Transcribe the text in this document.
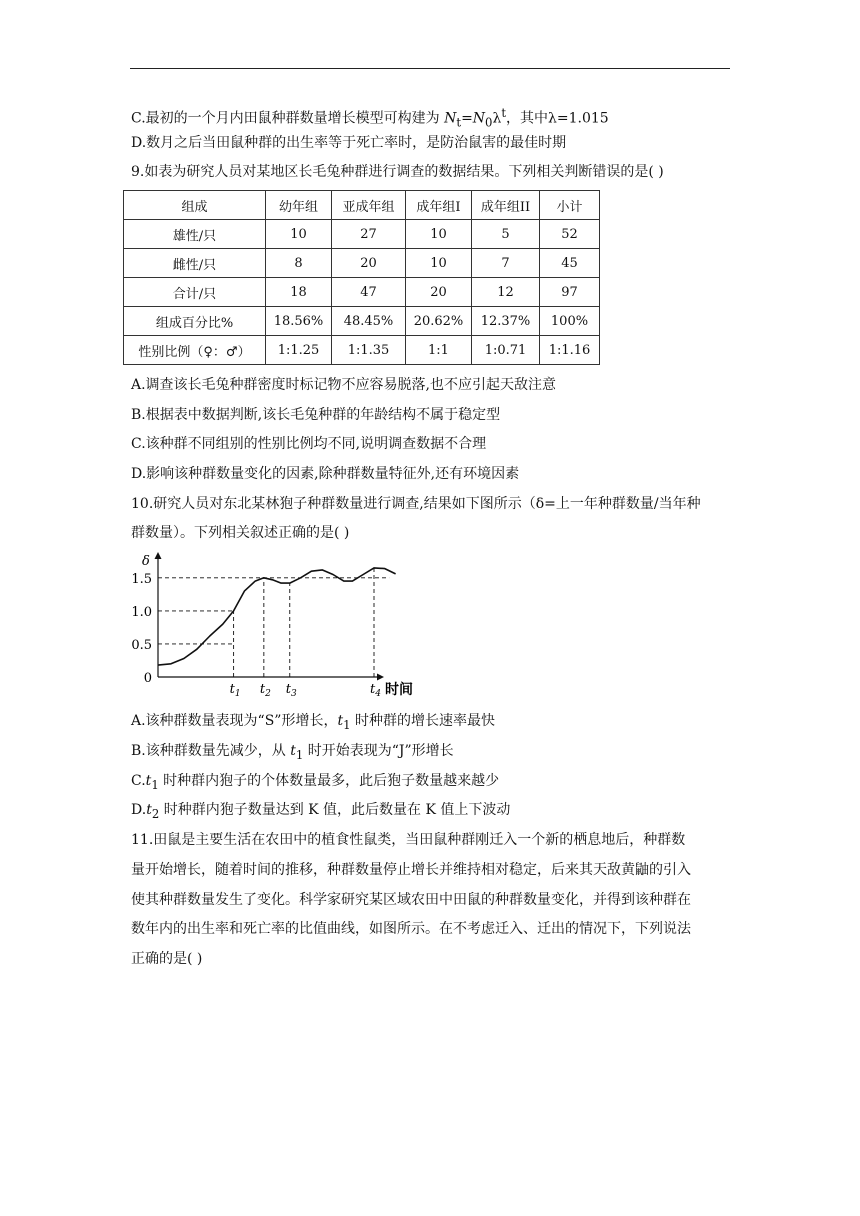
C.最初的一个月内田鼠种群数量增长模型可构建为 $N_t=N_0\lambda^t$，其中λ=1.015
D.数月之后当田鼠种群的出生率等于死亡率时，是防治鼠害的最佳时期
9.如表为研究人员对某地区长毛兔种群进行调查的数据结果。下列相关判断错误的是( )
组成	幼年组	亚成年组	成年组I	成年组II	小计
雄性/只	10	27	10	5	52
雌性/只	8	20	10	7	45
合计/只	18	47	20	12	97
组成百分比%	18.56%	48.45%	20.62%	12.37%	100%
性别比例（♀：♂）	1:1.25	1:1.35	1:1	1:0.71	1:1.16
A.调查该长毛兔种群密度时标记物不应容易脱落,也不应引起天敌注意
B.根据表中数据判断,该长毛兔种群的年龄结构不属于稳定型
C.该种群不同组别的性别比例均不同,说明调查数据不合理
D.影响该种群数量变化的因素,除种群数量特征外,还有环境因素
10.研究人员对东北某林狍子种群数量进行调查,结果如下图所示（δ=上一年种群数量/当年种
群数量）。下列相关叙述正确的是( )
δ
0
0.5
1.0
1.5
$t_1$ $t_2$ $t_3$	$t_4$ 时间
A.该种群数量表现为“S”形增长，$t_1$ 时种群的增长速率最快
B.该种群数量先减少，从 $t_1$ 时开始表现为“J”形增长
$C.t_1$ 时种群内狍子的个体数量最多，此后狍子数量越来越少
$D.t_2$ 时种群内狍子数量达到 K 值，此后数量在 K 值上下波动
11.田鼠是主要生活在农田中的植食性鼠类，当田鼠种群刚迁入一个新的栖息地后，种群数
量开始增长，随着时间的推移，种群数量停止增长并维持相对稳定，后来其天敌黄鼬的引入
使其种群数量发生了变化。科学家研究某区域农田中田鼠的种群数量变化，并得到该种群在
数年内的出生率和死亡率的比值曲线，如图所示。在不考虑迁入、迁出的情况下，下列说法
正确的是( )
